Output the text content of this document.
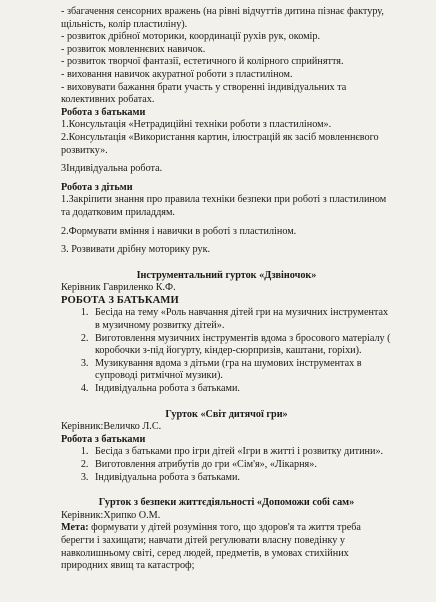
- збагачення сенсорних вражень (на рівні відчуттів дитина пізнає фактуру, щільність, колір пластиліну).

- розвиток дрібної моторики, координації рухів рук, окомір.

- розвиток мовленнєвих навичок.

- розвиток творчої фантазії, естетичного й колірного сприйняття.

- виховання навичок акуратної роботи з пластиліном.

- виховувати бажання брати участь у створенні індивідуальних та колективних робатах.

Робота з батьками

1.Консультація «Нетрадиційні техніки роботи з пластиліном».

2.Консультація «Використання картин, ілюстрацій як засіб мовленнєвого розвитку».

3Індивідуальна робота.

Робота з дітьми

1.Закріпити знання про правила техніки безпеки при роботі з пластилином та додатковим приладдям.

2.Формувати вміння і навички в роботі з пластиліном.

3. Розвивати дрібну моторику рук.

Інструментальний гурток «Дзвіночок»

Керівник Гавриленко К.Ф.

РОБОТА З БАТЬКАМИ

1. Бесіда на тему «Роль навчання дітей гри на музичних інструментах в музичному розвитку дітей».
2. Виготовлення музичних інструментів вдома з бросового матеріалу ( коробочки з-під йогурту, кіндер-сюрпризів, каштани, горіхи).
3. Музикування вдома з дітьми (гра на шумових інструментах в супроводі ритмічної музики).
4. Індивідуальна робота з батьками.

Гурток «Світ дитячої гри»

Керівник:Величко Л.С.

Робота з батьками

1. Бесіда з батьками про ігри дітей «Ігри в житті і розвитку дитини».
2. Виготовлення атрибутів до гри «Сім'я», «Лікарня».
3. Індивідуальна робота з батьками.

Гурток з безпеки життєдіяльності «Допоможи собі сам»

Керівник:Хрипко О.М.

Мета: формувати у дітей розуміння того, що здоров'я та життя треба берегти і захищати; навчати дітей регулювати власну поведінку у навколишньому світі, серед людей, предметів, в умовах стихійних природних явищ та катастроф;
